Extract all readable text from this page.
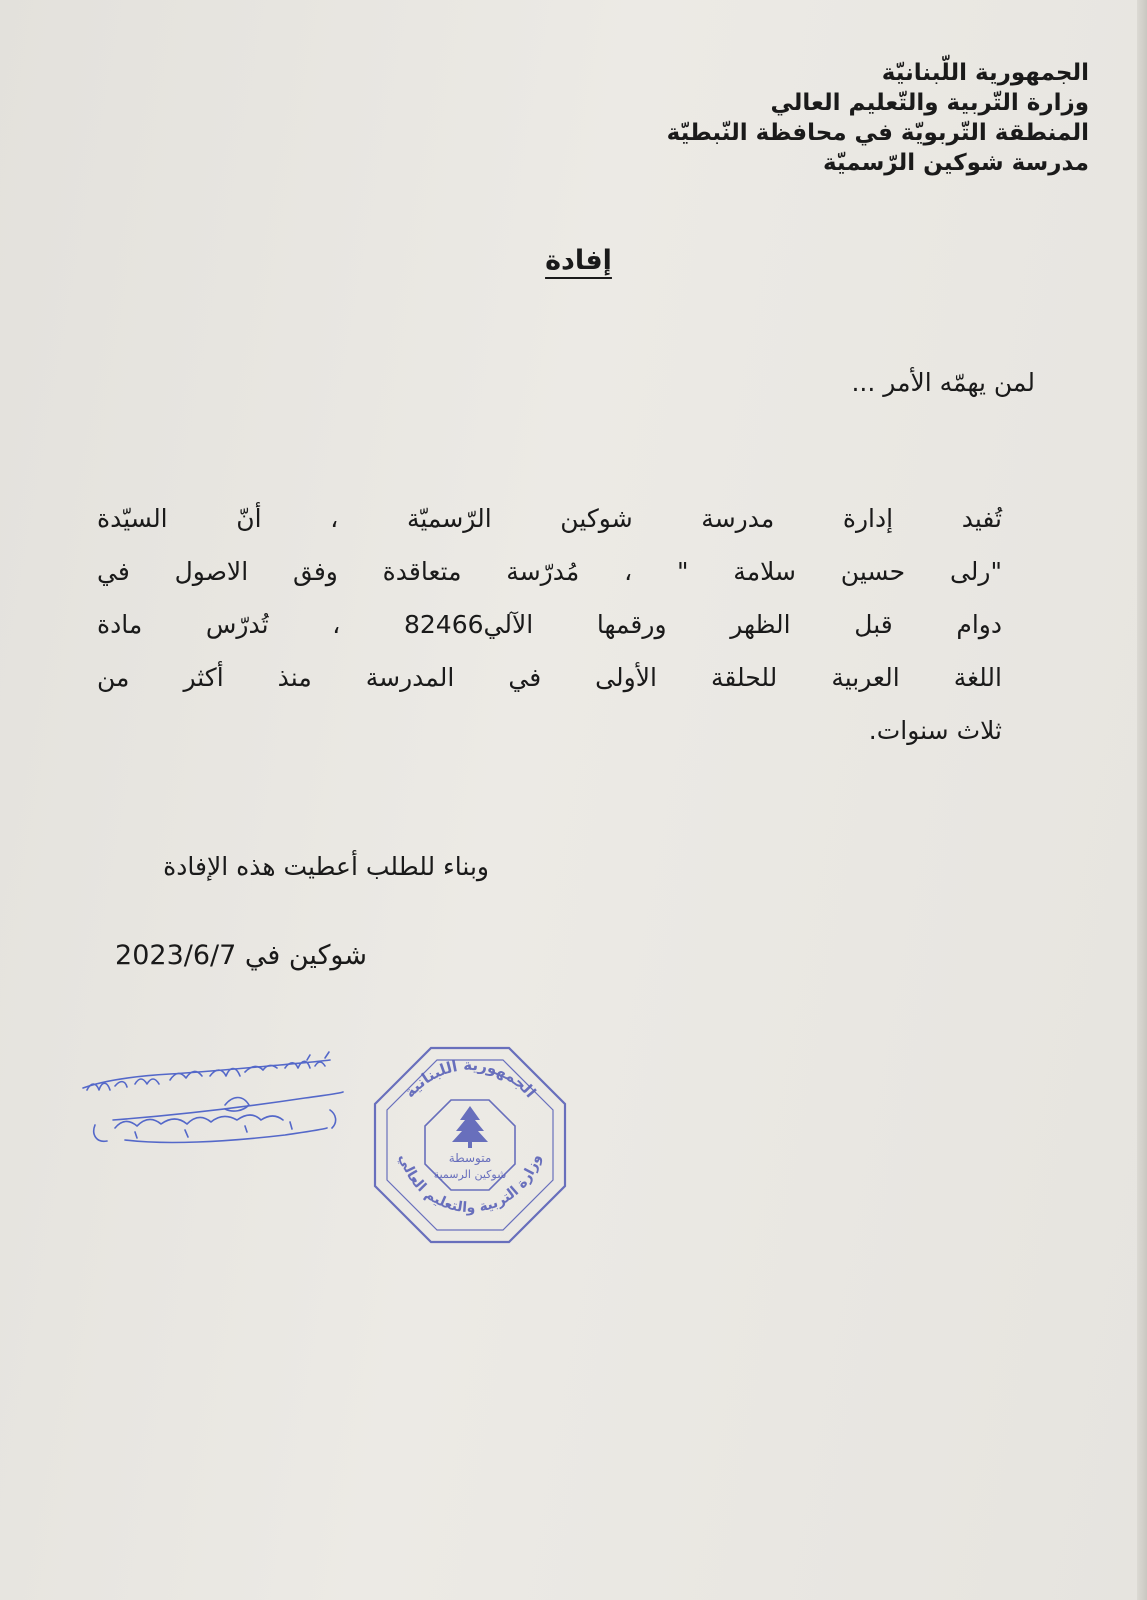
الجمهورية اللّبنانيّة
وزارة التّربية والتّعليم العالي
المنطقة التّربويّة في محافظة النّبطيّة
مدرسة شوكين الرّسميّة
إفادة
لمن يهمّه الأمر ...
تُفيد إدارة مدرسة شوكين الرّسميّة ، أنّ السيّدة
"رلى حسين سلامة " ، مُدرّسة متعاقدة وفق الاصول في
دوام قبل الظهر ورقمها الآلي82466 ، تُدرّس مادة
اللغة العربية للحلقة الأولى في المدرسة منذ أكثر من
ثلاث سنوات.
وبناء للطلب أعطيت هذه الإفادة
شوكين في 2023/6/7
الجمهورية اللبنانية
وزارة التربية والتعليم العالي
متوسطة
شوكين الرسمية
